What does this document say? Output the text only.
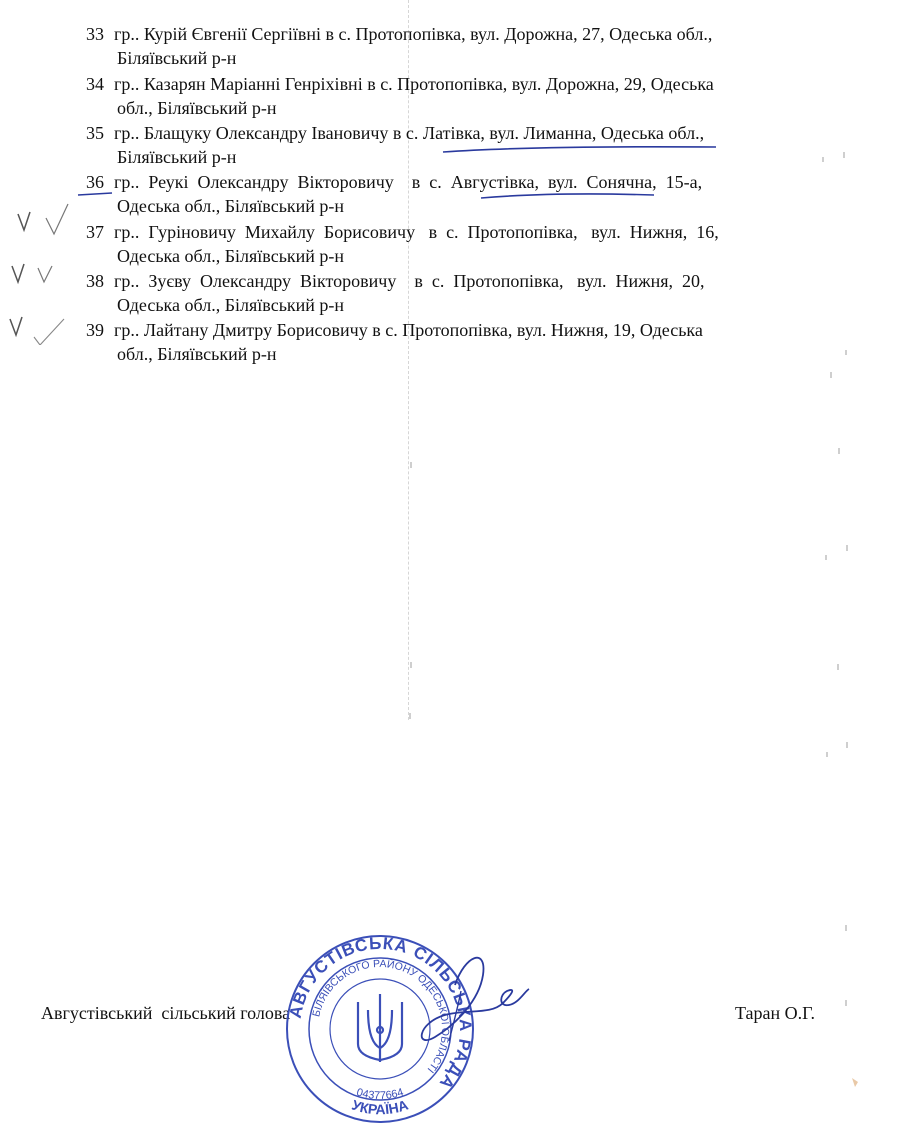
33 гр.. Курій Євгенії Сергіївні в с. Протопопівка, вул. Дорожна, 27, Одеська обл.,
Біляївський р-н
34 гр.. Казарян Маріанні Генріхівні в с. Протопопівка, вул. Дорожна, 29, Одеська
обл., Біляївський р-н
35 гр.. Блащуку Олександру Івановичу в с. Латівка, вул. Лиманна, Одеська обл.,
Біляївський р-н
36 гр..  Реукі  Олександру  Вікторовичу    в  с.  Августівка,  вул.  Сонячна,  15-а,
Одеська обл., Біляївський р-н
37 гр..  Гуріновичу  Михайлу  Борисовичу   в  с.  Протопопівка,   вул.  Нижня,  16,
Одеська обл., Біляївський р-н
38 гр..  Зуєву  Олександру  Вікторовичу    в  с.  Протопопівка,   вул.  Нижня,  20,
Одеська обл., Біляївський р-н
39 гр.. Лайтану Дмитру Борисовичу в с. Протопопівка, вул. Нижня, 19, Одеська
обл., Біляївський р-н
Августівський  сільський голова	Таран О.Г.
АВГУСТІВСЬКА СІЛЬСЬКА РАДА
БІЛЯЇВСЬКОГО РАЙОНУ ОДЕСЬКОЇ ОБЛАСТІ
04377664
УКРАЇНА
